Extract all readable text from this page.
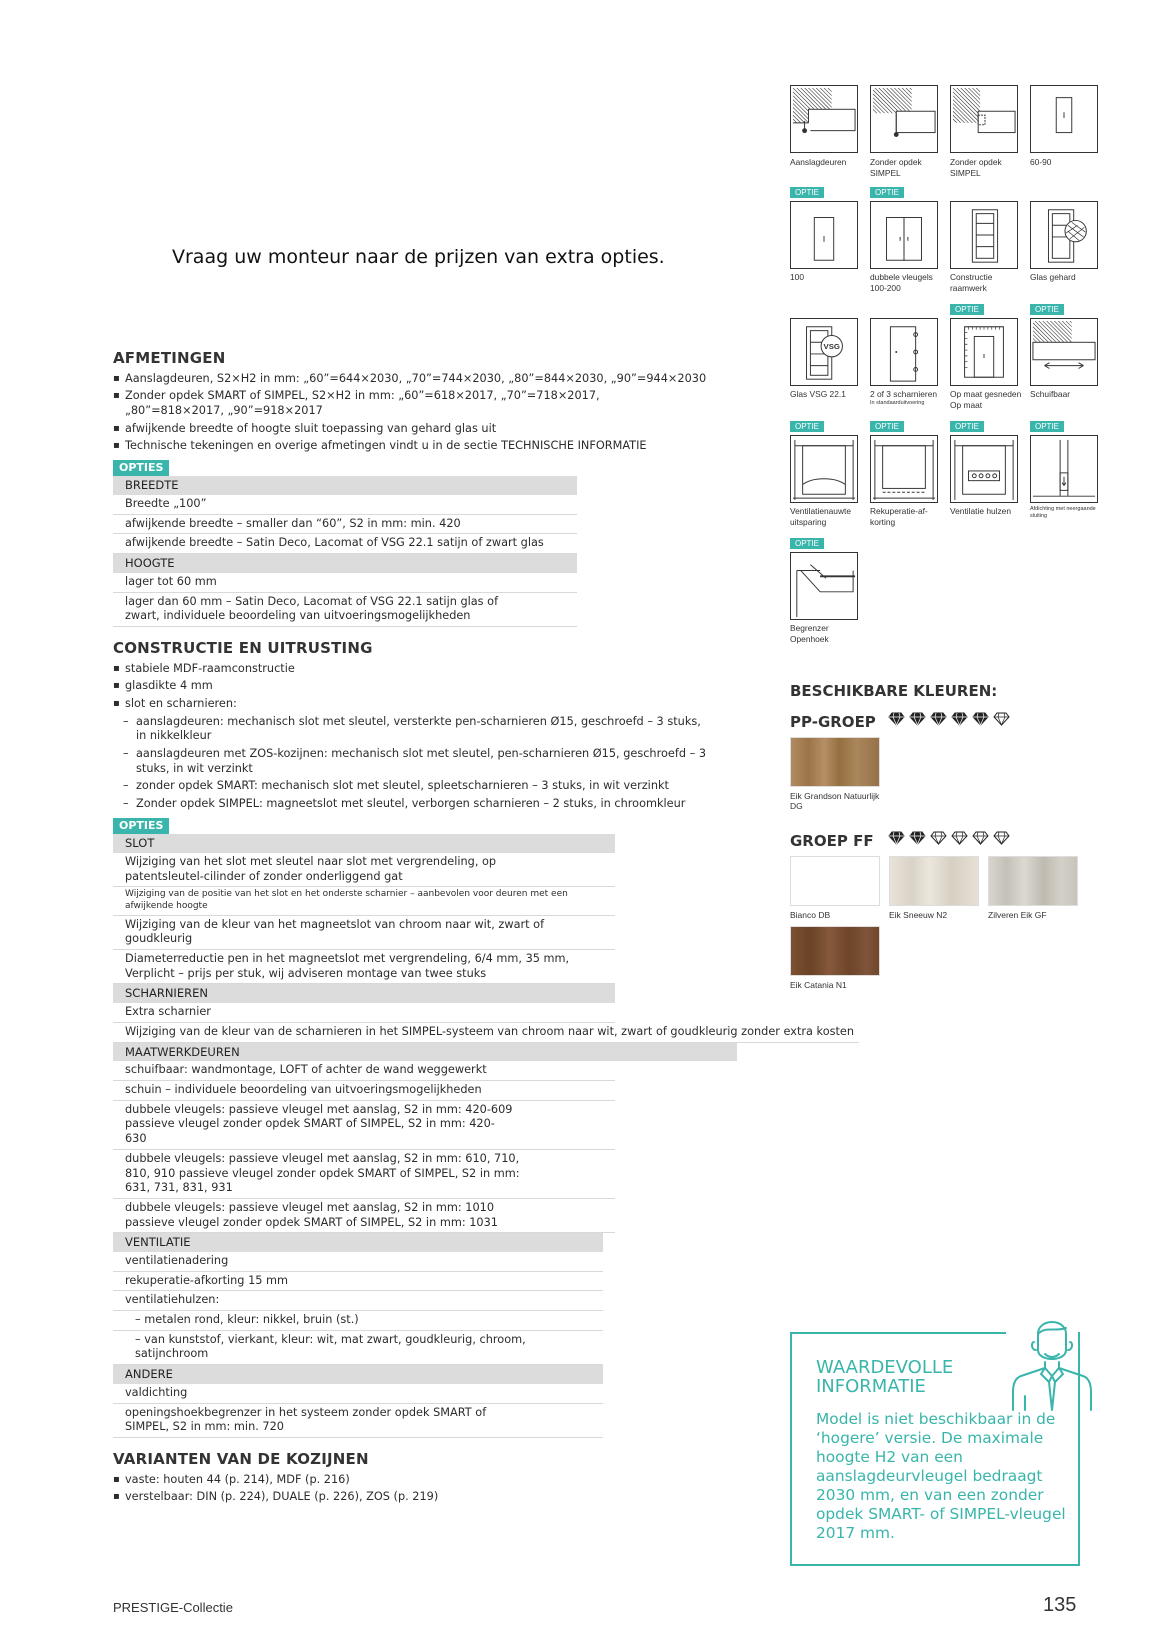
Vraag uw monteur naar de prijzen van extra opties.
AFMETINGEN
▪ Aanslagdeuren, S2×H2 in mm: „60”=644×2030, „70”=744×2030, „80”=844×2030, „90”=944×2030
▪ Zonder opdek SMART of SIMPEL, S2×H2 in mm: „60”=618×2017, „70”=718×2017, „80”=818×2017, „90”=918×2017
▪ afwijkende breedte of hoogte sluit toepassing van gehard glas uit
▪ Technische tekeningen en overige afmetingen vindt u in de sectie TECHNISCHE INFORMATIE
OPTIES
BREEDTE
Breedte „100”
afwijkende breedte – smaller dan “60”, S2 in mm: min. 420
afwijkende breedte – Satin Deco, Lacomat of VSG 22.1 satijn of zwart glas
HOOGTE
lager tot 60 mm
lager dan 60 mm – Satin Deco, Lacomat of VSG 22.1 satijn glas of zwart, individuele beoordeling van uitvoeringsmogelijkheden
CONSTRUCTIE EN UITRUSTING
▪ stabiele MDF-raamconstructie
▪ glasdikte 4 mm
▪ slot en scharnieren:
– aanslagdeuren: mechanisch slot met sleutel, versterkte pen-scharnieren Ø15, geschroefd – 3 stuks, in nikkelkleur
– aanslagdeuren met ZOS-kozijnen: mechanisch slot met sleutel, pen-scharnieren Ø15, geschroefd – 3 stuks, in wit verzinkt
– zonder opdek SMART: mechanisch slot met sleutel, spleetscharnieren – 3 stuks, in wit verzinkt
– Zonder opdek SIMPEL: magneetslot met sleutel, verborgen scharnieren – 2 stuks, in chroomkleur
OPTIES
SLOT
Wijziging van het slot met sleutel naar slot met vergrendeling, op patentsleutel-cilinder of zonder onderliggend gat
Wijziging van de positie van het slot en het onderste scharnier – aanbevolen voor deuren met een afwijkende hoogte
Wijziging van de kleur van het magneetslot van chroom naar wit, zwart of goudkleurig
Diameterreductie pen in het magneetslot met vergrendeling, 6/4 mm, 35 mm, Verplicht – prijs per stuk, wij adviseren montage van twee stuks
SCHARNIEREN
Extra scharnier
Wijziging van de kleur van de scharnieren in het SIMPEL-systeem van chroom naar wit, zwart of goudkleurig zonder extra kosten
MAATWERKDEUREN
schuifbaar: wandmontage, LOFT of achter de wand weggewerkt
schuin – individuele beoordeling van uitvoeringsmogelijkheden
dubbele vleugels: passieve vleugel met aanslag, S2 in mm: 420-609 passieve vleugel zonder opdek SMART of SIMPEL, S2 in mm: 420-630
dubbele vleugels: passieve vleugel met aanslag, S2 in mm: 610, 710, 810, 910 passieve vleugel zonder opdek SMART of SIMPEL, S2 in mm: 631, 731, 831, 931
dubbele vleugels: passieve vleugel met aanslag, S2 in mm: 1010 passieve vleugel zonder opdek SMART of SIMPEL, S2 in mm: 1031
VENTILATIE
ventilatienadering
rekuperatie-afkorting 15 mm
ventilatiehulzen:
– metalen rond, kleur: nikkel, bruin (st.)
– van kunststof, vierkant, kleur: wit, mat zwart, goudkleurig, chroom, satijnchroom
ANDERE
valdichting
openingshoekbegrenzer in het systeem zonder opdek SMART of SIMPEL, S2 in mm: min. 720
VARIANTEN VAN DE KOZIJNEN
▪ vaste: houten 44 (p. 214), MDF (p. 216)
▪ verstelbaar: DIN (p. 224), DUALE (p. 226), ZOS (p. 219)
Aanslagdeuren	Zonder opdek SIMPEL
Zonder opdek SIMPEL
60-90
OPTIE
100
OPTIE
dubbele vleugels 100-200
Constructie raamwerk
Glas gehard
VSG
Glas VSG 22.1	2 of 3 scharnieren
In standaarduitvoering
OPTIE
Op maat gesneden Op maat
OPTIE
Schuifbaar
OPTIE
Ventilatienauwte uitsparing
OPTIE
Rekuperatie-af-korting
OPTIE
Ventilatie hulzen
OPTIE
Afdichting met neergaande sluiting
OPTIE
Begrenzer Openhoek
BESCHIKBARE KLEUREN:
PP-GROEP
Eik Grandson Natuurlijk DG
GROEP FF
Bianco DB	Eik Sneeuw N2	Zilveren Eik GF
Eik Catania N1
WAARDEVOLLE INFORMATIE
Model is niet beschikbaar in de ‘hogere’ versie. De maximale hoogte H2 van een aanslagdeurvleugel bedraagt 2030 mm, en van een zonder opdek SMART- of SIMPEL-vleugel 2017 mm.
PRESTIGE-Collectie	135
